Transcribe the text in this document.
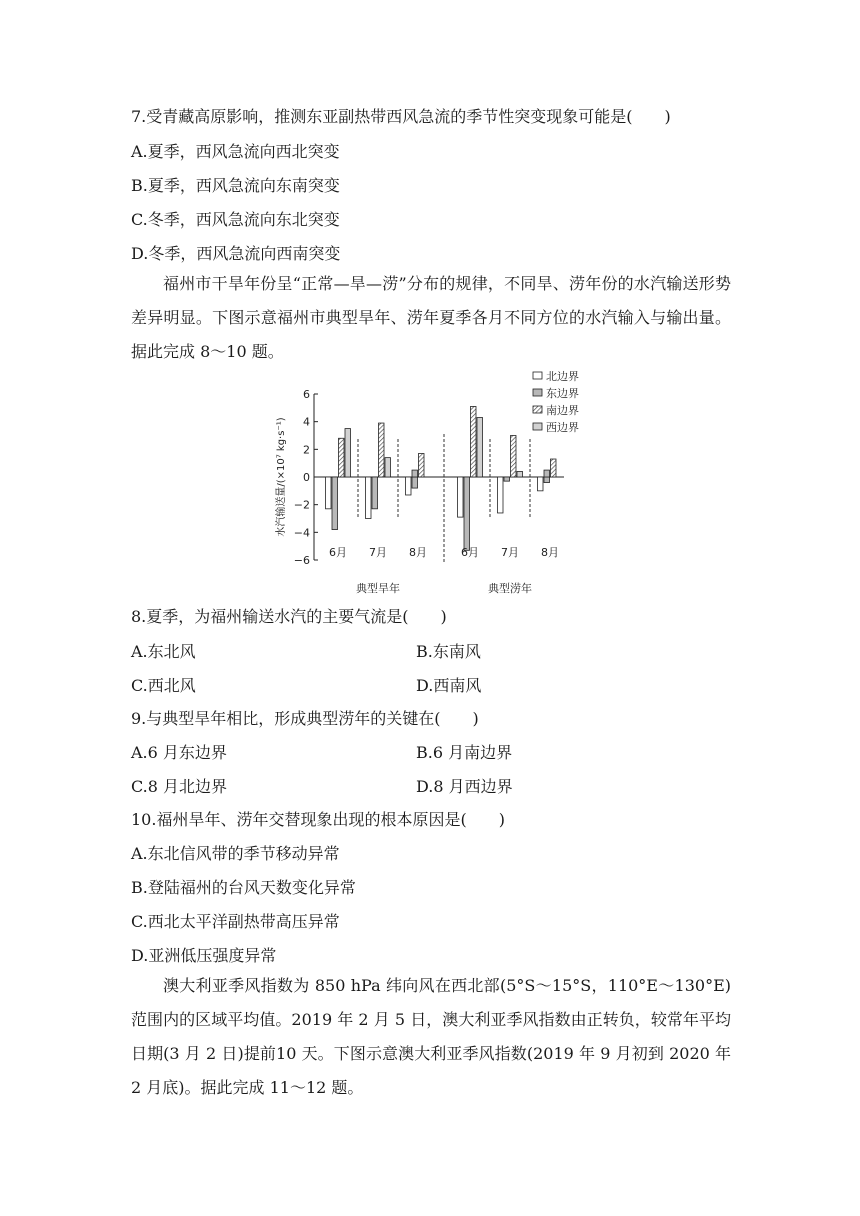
7.受青藏高原影响，推测东亚副热带西风急流的季节性突变现象可能是(　　)
A.夏季，西风急流向西北突变
B.夏季，西风急流向东南突变
C.冬季，西风急流向东北突变
D.冬季，西风急流向西南突变
福州市干旱年份呈“正常—旱—涝”分布的规律，不同旱、涝年份的水汽输送形势差异明显。下图示意福州市典型旱年、涝年夏季各月不同方位的水汽输入与输出量。据此完成 8～10 题。
6
4
2
0
−2
−4
−6
水汽输送量/(×10⁷ kg·s⁻¹)
6月 7月 8月	6月 7月 8月
典型旱年	典型涝年
北边界
东边界
南边界
西边界
8.夏季，为福州输送水汽的主要气流是(　　)
A.东北风	B.东南风
C.西北风	D.西南风
9.与典型旱年相比，形成典型涝年的关键在(　　)
A.6 月东边界	B.6 月南边界
C.8 月北边界	D.8 月西边界
10.福州旱年、涝年交替现象出现的根本原因是(　　)
A.东北信风带的季节移动异常
B.登陆福州的台风天数变化异常
C.西北太平洋副热带高压异常
D.亚洲低压强度异常
澳大利亚季风指数为 850 hPa 纬向风在西北部(5°S～15°S，110°E～130°E)范围内的区域平均值。2019 年 2 月 5 日，澳大利亚季风指数由正转负，较常年平均日期(3 月 2 日)提前10 天。下图示意澳大利亚季风指数(2019 年 9 月初到 2020 年 2 月底)。据此完成 11～12 题。
